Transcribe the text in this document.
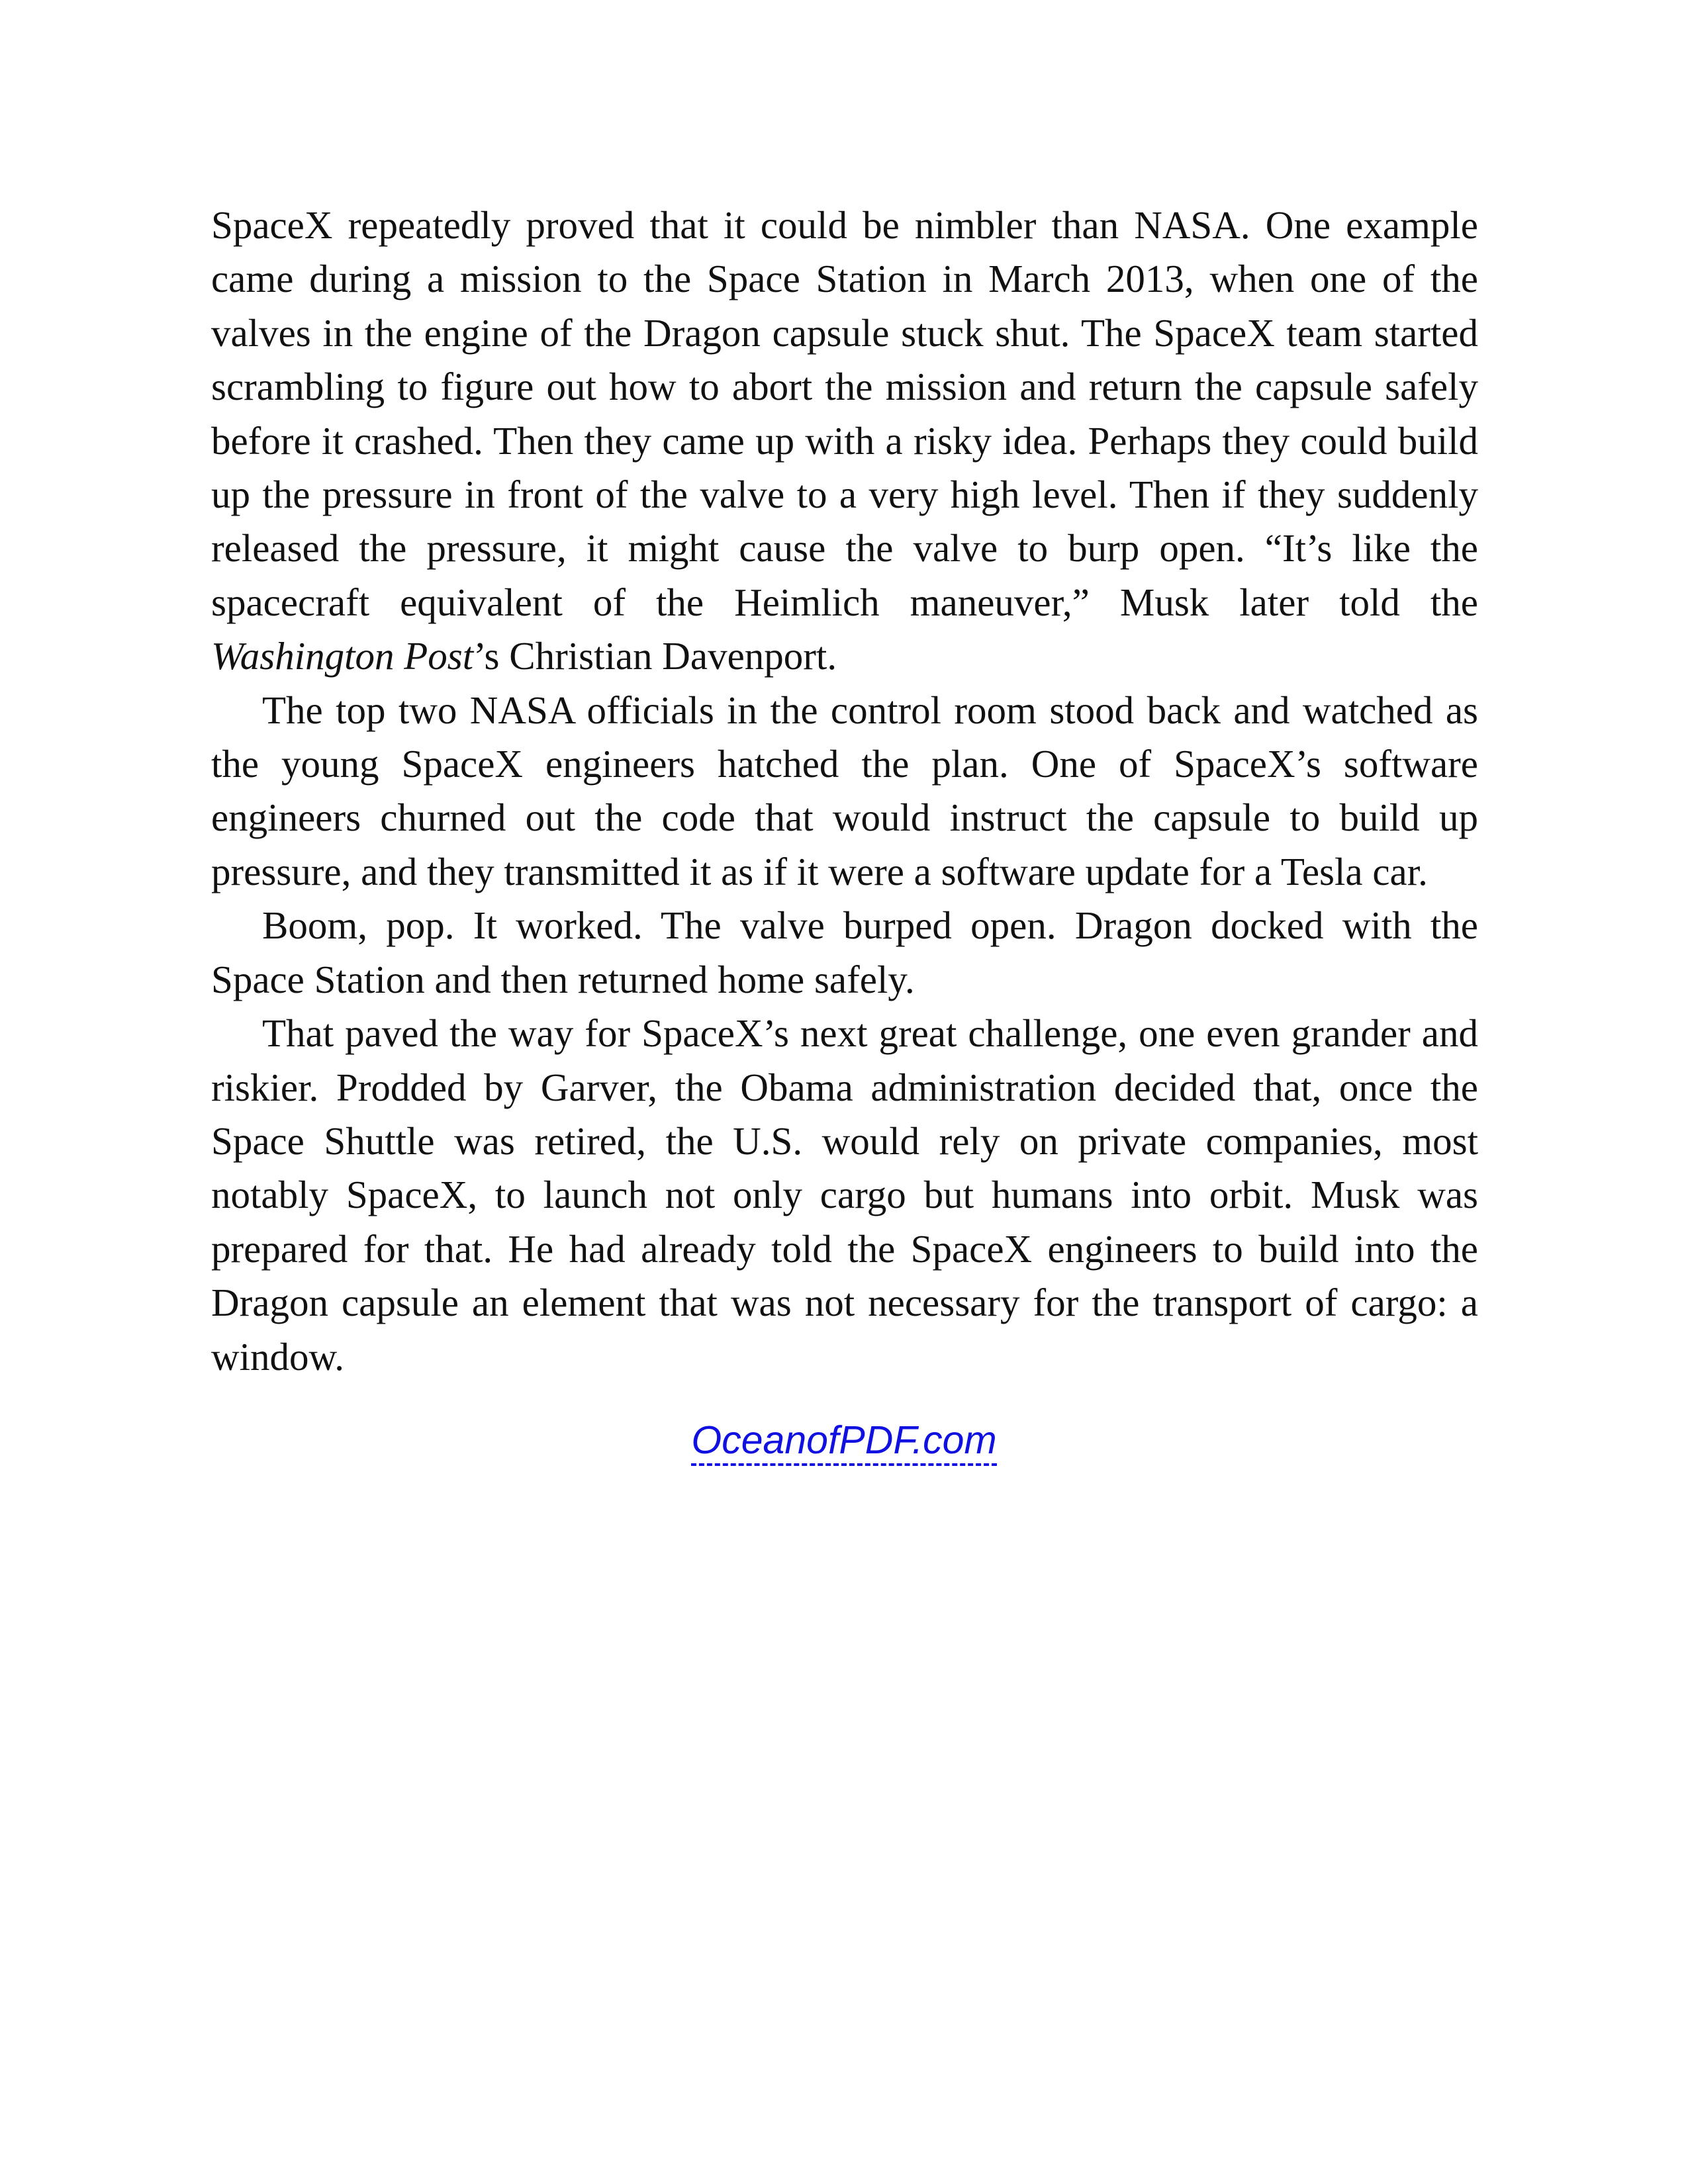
SpaceX repeatedly proved that it could be nimbler than NASA. One example came during a mission to the Space Station in March 2013, when one of the valves in the engine of the Dragon capsule stuck shut. The SpaceX team started scrambling to figure out how to abort the mission and return the capsule safely before it crashed. Then they came up with a risky idea. Perhaps they could build up the pressure in front of the valve to a very high level. Then if they suddenly released the pressure, it might cause the valve to burp open. “It’s like the spacecraft equivalent of the Heimlich maneuver,” Musk later told the Washington Post’s Christian Davenport.

The top two NASA officials in the control room stood back and watched as the young SpaceX engineers hatched the plan. One of SpaceX’s software engineers churned out the code that would instruct the capsule to build up pressure, and they transmitted it as if it were a software update for a Tesla car.

Boom, pop. It worked. The valve burped open. Dragon docked with the Space Station and then returned home safely.

That paved the way for SpaceX’s next great challenge, one even grander and riskier. Prodded by Garver, the Obama administration decided that, once the Space Shuttle was retired, the U.S. would rely on private companies, most notably SpaceX, to launch not only cargo but humans into orbit. Musk was prepared for that. He had already told the SpaceX engineers to build into the Dragon capsule an element that was not necessary for the transport of cargo: a window.

OceanofPDF.com
